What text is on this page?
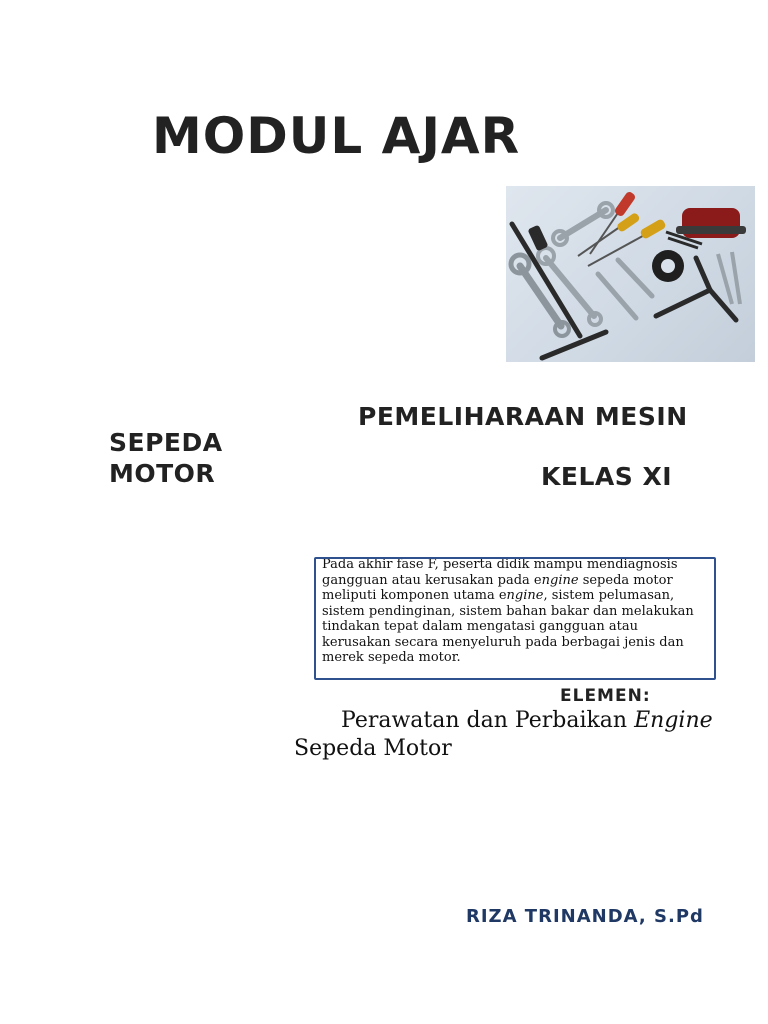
MODUL AJAR
PEMELIHARAAN MESIN
SEPEDA
MOTOR	KELAS XI

Pada akhir fase F, peserta didik mampu mendiagnosis gangguan atau kerusakan pada engine sepeda motor meliputi komponen utama engine, sistem pelumasan, sistem pendinginan, sistem bahan bakar dan melakukan tindakan tepat dalam mengatasi gangguan atau kerusakan secara menyeluruh pada berbagai jenis dan merek sepeda motor.

ELEMEN:
Perawatan dan Perbaikan Engine
Sepeda Motor
RIZA TRINANDA, S.Pd
